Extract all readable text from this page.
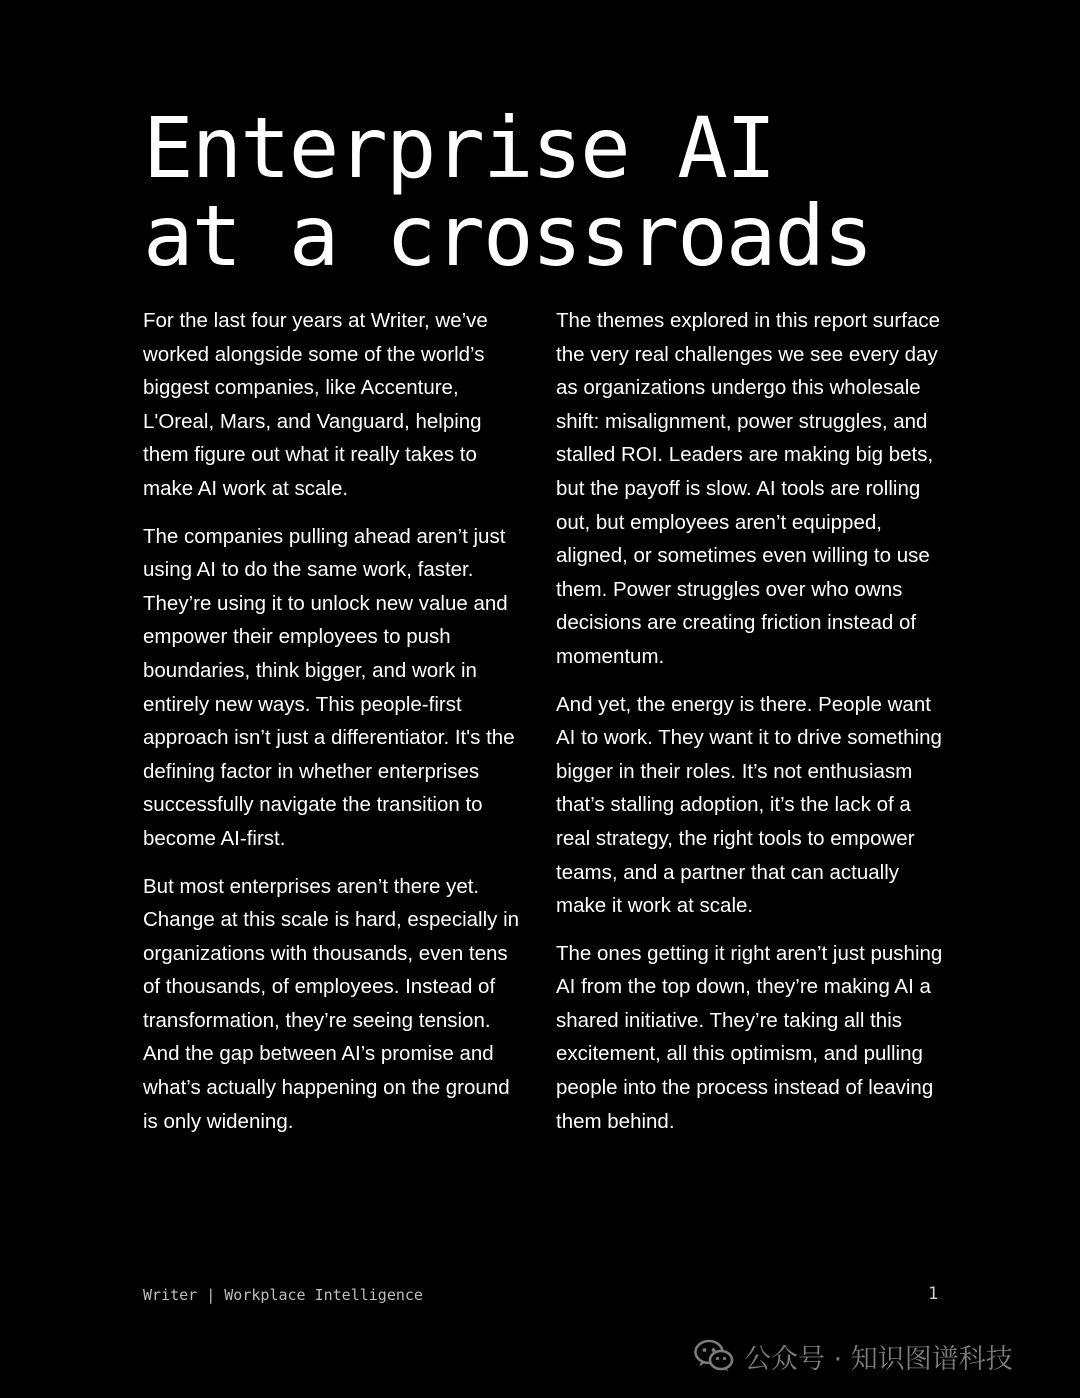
Enterprise AI
at a crossroads

For the last four years at Writer, we’ve worked alongside some of the world’s biggest companies, like Accenture, L'Oreal, Mars, and Vanguard, helping them figure out what it really takes to make AI work at scale.

The companies pulling ahead aren’t just using AI to do the same work, faster. They’re using it to unlock new value and empower their employees to push boundaries, think bigger, and work in entirely new ways. This people-first approach isn’t just a differentiator. It's the defining factor in whether enterprises successfully navigate the transition to become AI-first.

But most enterprises aren’t there yet. Change at this scale is hard, especially in organizations with thousands, even tens of thousands, of employees. Instead of transformation, they’re seeing tension. And the gap between AI’s promise and what’s actually happening on the ground is only widening.

The themes explored in this report surface the very real challenges we see every day as organizations undergo this wholesale shift: misalignment, power struggles, and stalled ROI. Leaders are making big bets, but the payoff is slow. AI tools are rolling out, but employees aren’t equipped, aligned, or sometimes even willing to use them. Power struggles over who owns decisions are creating friction instead of momentum.

And yet, the energy is there. People want AI to work. They want it to drive something bigger in their roles. It’s not enthusiasm that’s stalling adoption, it’s the lack of a real strategy, the right tools to empower teams, and a partner that can actually make it work at scale.

The ones getting it right aren’t just pushing AI from the top down, they’re making AI a shared initiative. They’re taking all this excitement, all this optimism, and pulling people into the process instead of leaving them behind.

Writer | Workplace Intelligence	1
公众号 · 知识图谱科技
